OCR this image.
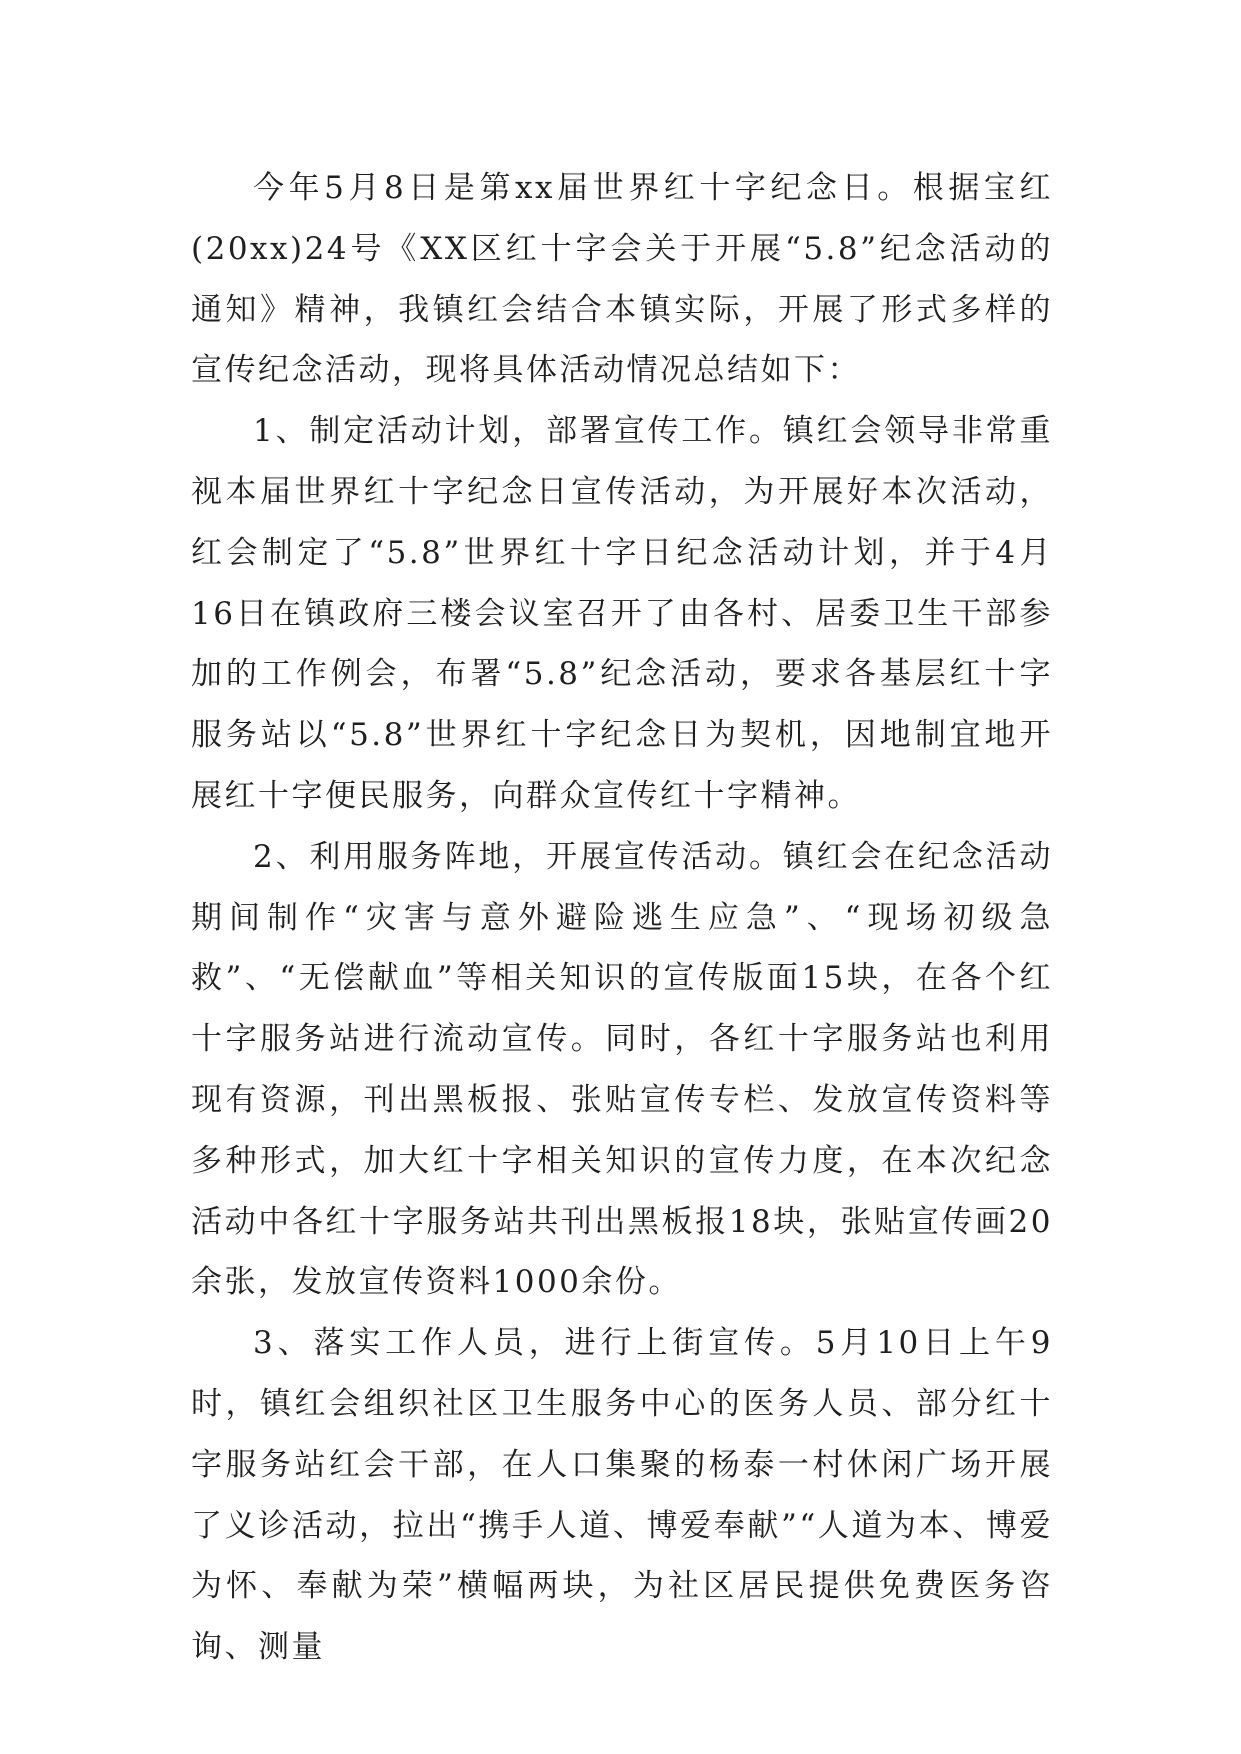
今年5月8日是第xx届世界红十字纪念日。根据宝红(20xx)24号《XX区红十字会关于开展“5.8”纪念活动的通知》精神，我镇红会结合本镇实际，开展了形式多样的宣传纪念活动，现将具体活动情况总结如下：

1、制定活动计划，部署宣传工作。镇红会领导非常重视本届世界红十字纪念日宣传活动，为开展好本次活动，红会制定了“5.8”世界红十字日纪念活动计划，并于4月16日在镇政府三楼会议室召开了由各村、居委卫生干部参加的工作例会，布署“5.8”纪念活动，要求各基层红十字服务站以“5.8”世界红十字纪念日为契机，因地制宜地开展红十字便民服务，向群众宣传红十字精神。

2、利用服务阵地，开展宣传活动。镇红会在纪念活动期间制作“灾害与意外避险逃生应急”、“现场初级急救”、“无偿献血”等相关知识的宣传版面15块，在各个红十字服务站进行流动宣传。同时，各红十字服务站也利用现有资源，刊出黑板报、张贴宣传专栏、发放宣传资料等多种形式，加大红十字相关知识的宣传力度，在本次纪念活动中各红十字服务站共刊出黑板报18块，张贴宣传画20余张，发放宣传资料1000余份。

3、落实工作人员，进行上街宣传。5月10日上午9时，镇红会组织社区卫生服务中心的医务人员、部分红十字服务站红会干部，在人口集聚的杨泰一村休闲广场开展了义诊活动，拉出“携手人道、博爱奉献”“人道为本、博爱为怀、奉献为荣”横幅两块，为社区居民提供免费医务咨询、测量
